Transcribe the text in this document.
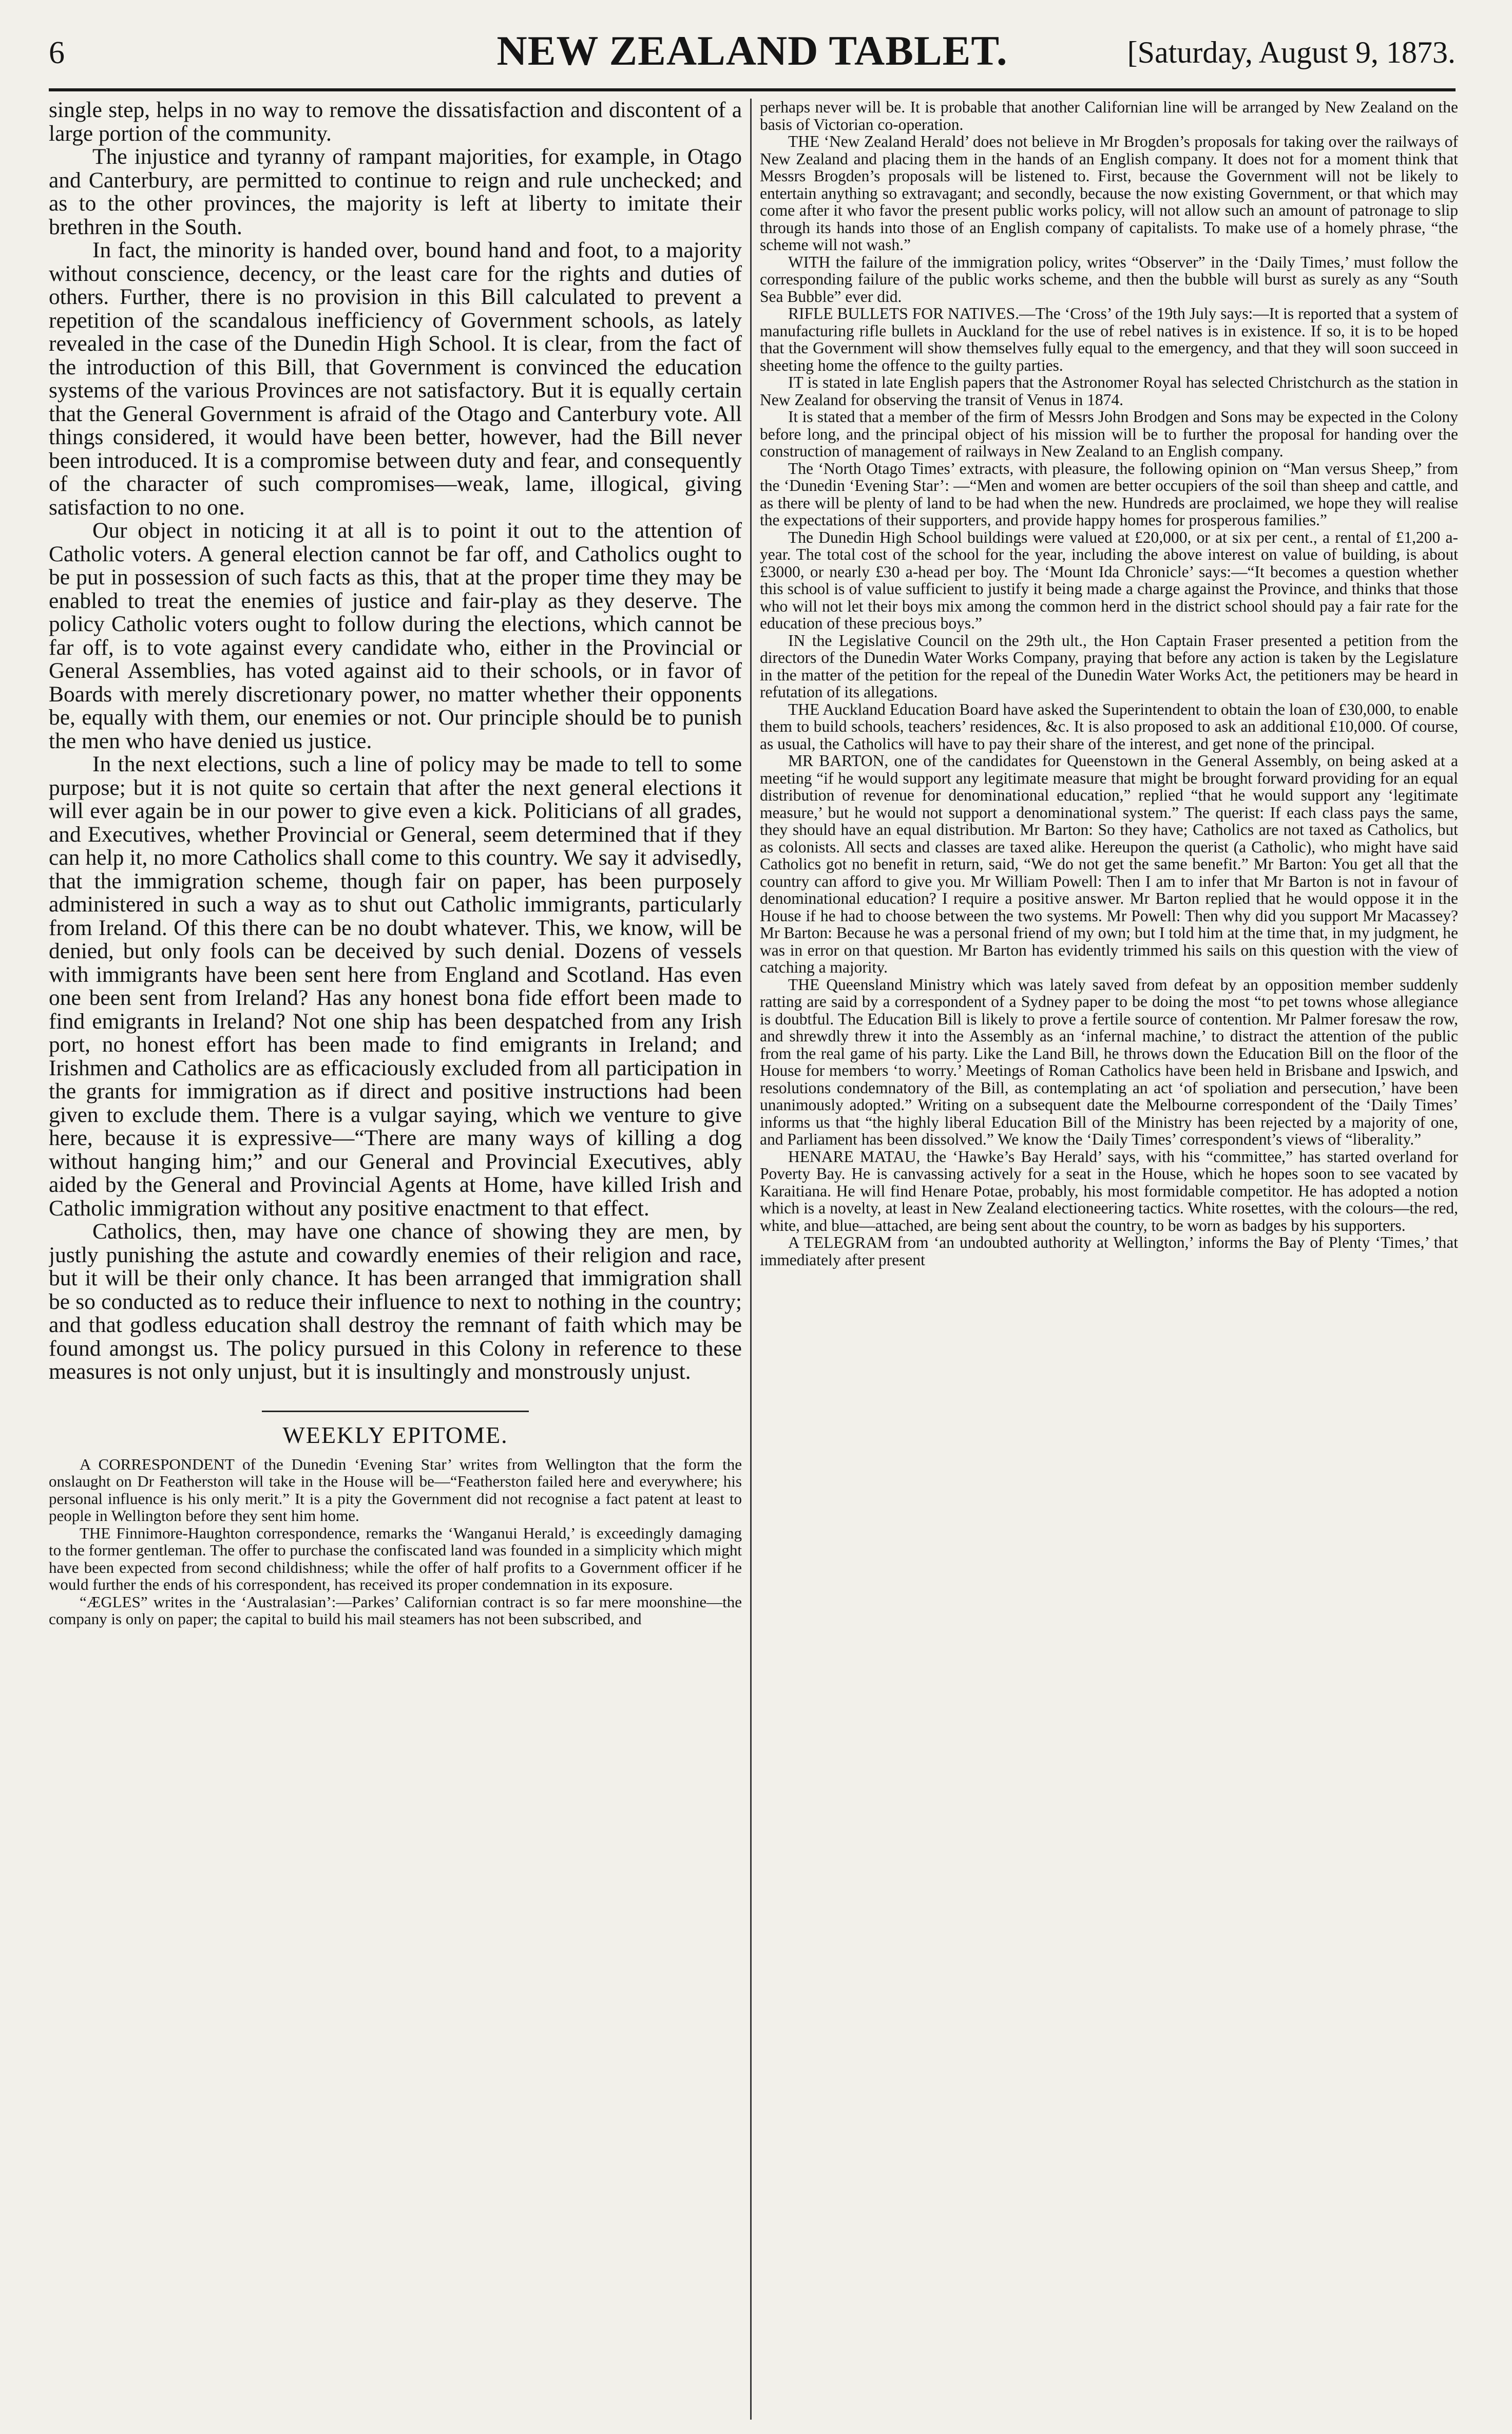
6	NEW ZEALAND TABLET.	[Saturday, August 9, 1873.

single step, helps in no way to remove the dissatisfaction and discontent of a large portion of the community.

The injustice and tyranny of rampant majorities, for example, in Otago and Canterbury, are permitted to continue to reign and rule unchecked; and as to the other provinces, the majority is left at liberty to imitate their brethren in the South.

In fact, the minority is handed over, bound hand and foot, to a majority without conscience, decency, or the least care for the rights and duties of others. Further, there is no provision in this Bill calculated to prevent a repetition of the scandalous inefficiency of Government schools, as lately revealed in the case of the Dunedin High School. It is clear, from the fact of the introduction of this Bill, that Government is convinced the education systems of the various Provinces are not satisfactory. But it is equally certain that the General Government is afraid of the Otago and Canterbury vote. All things considered, it would have been better, however, had the Bill never been introduced. It is a compromise between duty and fear, and consequently of the character of such compromises—weak, lame, illogical, giving satisfaction to no one.

Our object in noticing it at all is to point it out to the attention of Catholic voters. A general election cannot be far off, and Catholics ought to be put in possession of such facts as this, that at the proper time they may be enabled to treat the enemies of justice and fair-play as they deserve. The policy Catholic voters ought to follow during the elections, which cannot be far off, is to vote against every candidate who, either in the Provincial or General Assemblies, has voted against aid to their schools, or in favor of Boards with merely discretionary power, no matter whether their opponents be, equally with them, our enemies or not. Our principle should be to punish the men who have denied us justice.

In the next elections, such a line of policy may be made to tell to some purpose; but it is not quite so certain that after the next general elections it will ever again be in our power to give even a kick. Politicians of all grades, and Executives, whether Provincial or General, seem determined that if they can help it, no more Catholics shall come to this country. We say it advisedly, that the immigration scheme, though fair on paper, has been purposely administered in such a way as to shut out Catholic immigrants, particularly from Ireland. Of this there can be no doubt whatever. This, we know, will be denied, but only fools can be deceived by such denial. Dozens of vessels with immigrants have been sent here from England and Scotland. Has even one been sent from Ireland? Has any honest bona fide effort been made to find emigrants in Ireland? Not one ship has been despatched from any Irish port, no honest effort has been made to find emigrants in Ireland; and Irishmen and Catholics are as efficaciously excluded from all participation in the grants for immigration as if direct and positive instructions had been given to exclude them. There is a vulgar saying, which we venture to give here, because it is expressive—“There are many ways of killing a dog without hanging him;” and our General and Provincial Executives, ably aided by the General and Provincial Agents at Home, have killed Irish and Catholic immigration without any positive enactment to that effect.

Catholics, then, may have one chance of showing they are men, by justly punishing the astute and cowardly enemies of their religion and race, but it will be their only chance. It has been arranged that immigration shall be so conducted as to reduce their influence to next to nothing in the country; and that godless education shall destroy the remnant of faith which may be found amongst us. The policy pursued in this Colony in reference to these measures is not only unjust, but it is insultingly and monstrously unjust.

WEEKLY EPITOME.

A CORRESPONDENT of the Dunedin ‘Evening Star’ writes from Wellington that the form the onslaught on Dr Featherston will take in the House will be—“Featherston failed here and everywhere; his personal influence is his only merit.” It is a pity the Government did not recognise a fact patent at least to people in Wellington before they sent him home.

THE Finnimore-Haughton correspondence, remarks the ‘Wanganui Herald,’ is exceedingly damaging to the former gentleman. The offer to purchase the confiscated land was founded in a simplicity which might have been expected from second childishness; while the offer of half profits to a Government officer if he would further the ends of his correspondent, has received its proper condemnation in its exposure.

“ÆGLES” writes in the ‘Australasian’:—Parkes’ Californian contract is so far mere moonshine—the company is only on paper; the capital to build his mail steamers has not been subscribed, and

perhaps never will be. It is probable that another Californian line will be arranged by New Zealand on the basis of Victorian co-operation.

THE ‘New Zealand Herald’ does not believe in Mr Brogden’s proposals for taking over the railways of New Zealand and placing them in the hands of an English company. It does not for a moment think that Messrs Brogden’s proposals will be listened to. First, because the Government will not be likely to entertain anything so extravagant; and secondly, because the now existing Government, or that which may come after it who favor the present public works policy, will not allow such an amount of patronage to slip through its hands into those of an English company of capitalists. To make use of a homely phrase, “the scheme will not wash.”

WITH the failure of the immigration policy, writes “Observer” in the ‘Daily Times,’ must follow the corresponding failure of the public works scheme, and then the bubble will burst as surely as any “South Sea Bubble” ever did.

RIFLE BULLETS FOR NATIVES.—The ‘Cross’ of the 19th July says:—It is reported that a system of manufacturing rifle bullets in Auckland for the use of rebel natives is in existence. If so, it is to be hoped that the Government will show themselves fully equal to the emergency, and that they will soon succeed in sheeting home the offence to the guilty parties.

IT is stated in late English papers that the Astronomer Royal has selected Christchurch as the station in New Zealand for observing the transit of Venus in 1874.

It is stated that a member of the firm of Messrs John Brodgen and Sons may be expected in the Colony before long, and the principal object of his mission will be to further the proposal for handing over the construction of management of railways in New Zealand to an English company.

The ‘North Otago Times’ extracts, with pleasure, the following opinion on “Man versus Sheep,” from the ‘Dunedin ‘Evening Star’: —“Men and women are better occupiers of the soil than sheep and cattle, and as there will be plenty of land to be had when the new. Hundreds are proclaimed, we hope they will realise the expectations of their supporters, and provide happy homes for prosperous families.”

The Dunedin High School buildings were valued at £20,000, or at six per cent., a rental of £1,200 a-year. The total cost of the school for the year, including the above interest on value of building, is about £3000, or nearly £30 a-head per boy. The ‘Mount Ida Chronicle’ says:—“It becomes a question whether this school is of value sufficient to justify it being made a charge against the Province, and thinks that those who will not let their boys mix among the common herd in the district school should pay a fair rate for the education of these precious boys.”

IN the Legislative Council on the 29th ult., the Hon Captain Fraser presented a petition from the directors of the Dunedin Water Works Company, praying that before any action is taken by the Legislature in the matter of the petition for the repeal of the Dunedin Water Works Act, the petitioners may be heard in refutation of its allegations.

THE Auckland Education Board have asked the Superintendent to obtain the loan of £30,000, to enable them to build schools, teachers’ residences, &c. It is also proposed to ask an additional £10,000. Of course, as usual, the Catholics will have to pay their share of the interest, and get none of the principal.

MR BARTON, one of the candidates for Queenstown in the General Assembly, on being asked at a meeting “if he would support any legitimate measure that might be brought forward providing for an equal distribution of revenue for denominational education,” replied “that he would support any ‘legitimate measure,’ but he would not support a denominational system.” The querist: If each class pays the same, they should have an equal distribution. Mr Barton: So they have; Catholics are not taxed as Catholics, but as colonists. All sects and classes are taxed alike. Hereupon the querist (a Catholic), who might have said Catholics got no benefit in return, said, “We do not get the same benefit.” Mr Barton: You get all that the country can afford to give you. Mr William Powell: Then I am to infer that Mr Barton is not in favour of denominational education? I require a positive answer. Mr Barton replied that he would oppose it in the House if he had to choose between the two systems. Mr Powell: Then why did you support Mr Macassey? Mr Barton: Because he was a personal friend of my own; but I told him at the time that, in my judgment, he was in error on that question. Mr Barton has evidently trimmed his sails on this question with the view of catching a majority.

THE Queensland Ministry which was lately saved from defeat by an opposition member suddenly ratting are said by a correspondent of a Sydney paper to be doing the most “to pet towns whose allegiance is doubtful. The Education Bill is likely to prove a fertile source of contention. Mr Palmer foresaw the row, and shrewdly threw it into the Assembly as an ‘infernal machine,’ to distract the attention of the public from the real game of his party. Like the Land Bill, he throws down the Education Bill on the floor of the House for members ‘to worry.’ Meetings of Roman Catholics have been held in Brisbane and Ipswich, and resolutions condemnatory of the Bill, as contemplating an act ‘of spoliation and persecution,’ have been unanimously adopted.” Writing on a subsequent date the Melbourne correspondent of the ‘Daily Times’ informs us that “the highly liberal Education Bill of the Ministry has been rejected by a majority of one, and Parliament has been dissolved.” We know the ‘Daily Times’ correspondent’s views of “liberality.”

HENARE MATAU, the ‘Hawke’s Bay Herald’ says, with his “committee,” has started overland for Poverty Bay. He is canvassing actively for a seat in the House, which he hopes soon to see vacated by Karaitiana. He will find Henare Potae, probably, his most formidable competitor. He has adopted a notion which is a novelty, at least in New Zealand electioneering tactics. White rosettes, with the colours—the red, white, and blue—attached, are being sent about the country, to be worn as badges by his supporters.

A TELEGRAM from ‘an undoubted authority at Wellington,’ informs the Bay of Plenty ‘Times,’ that immediately after present
